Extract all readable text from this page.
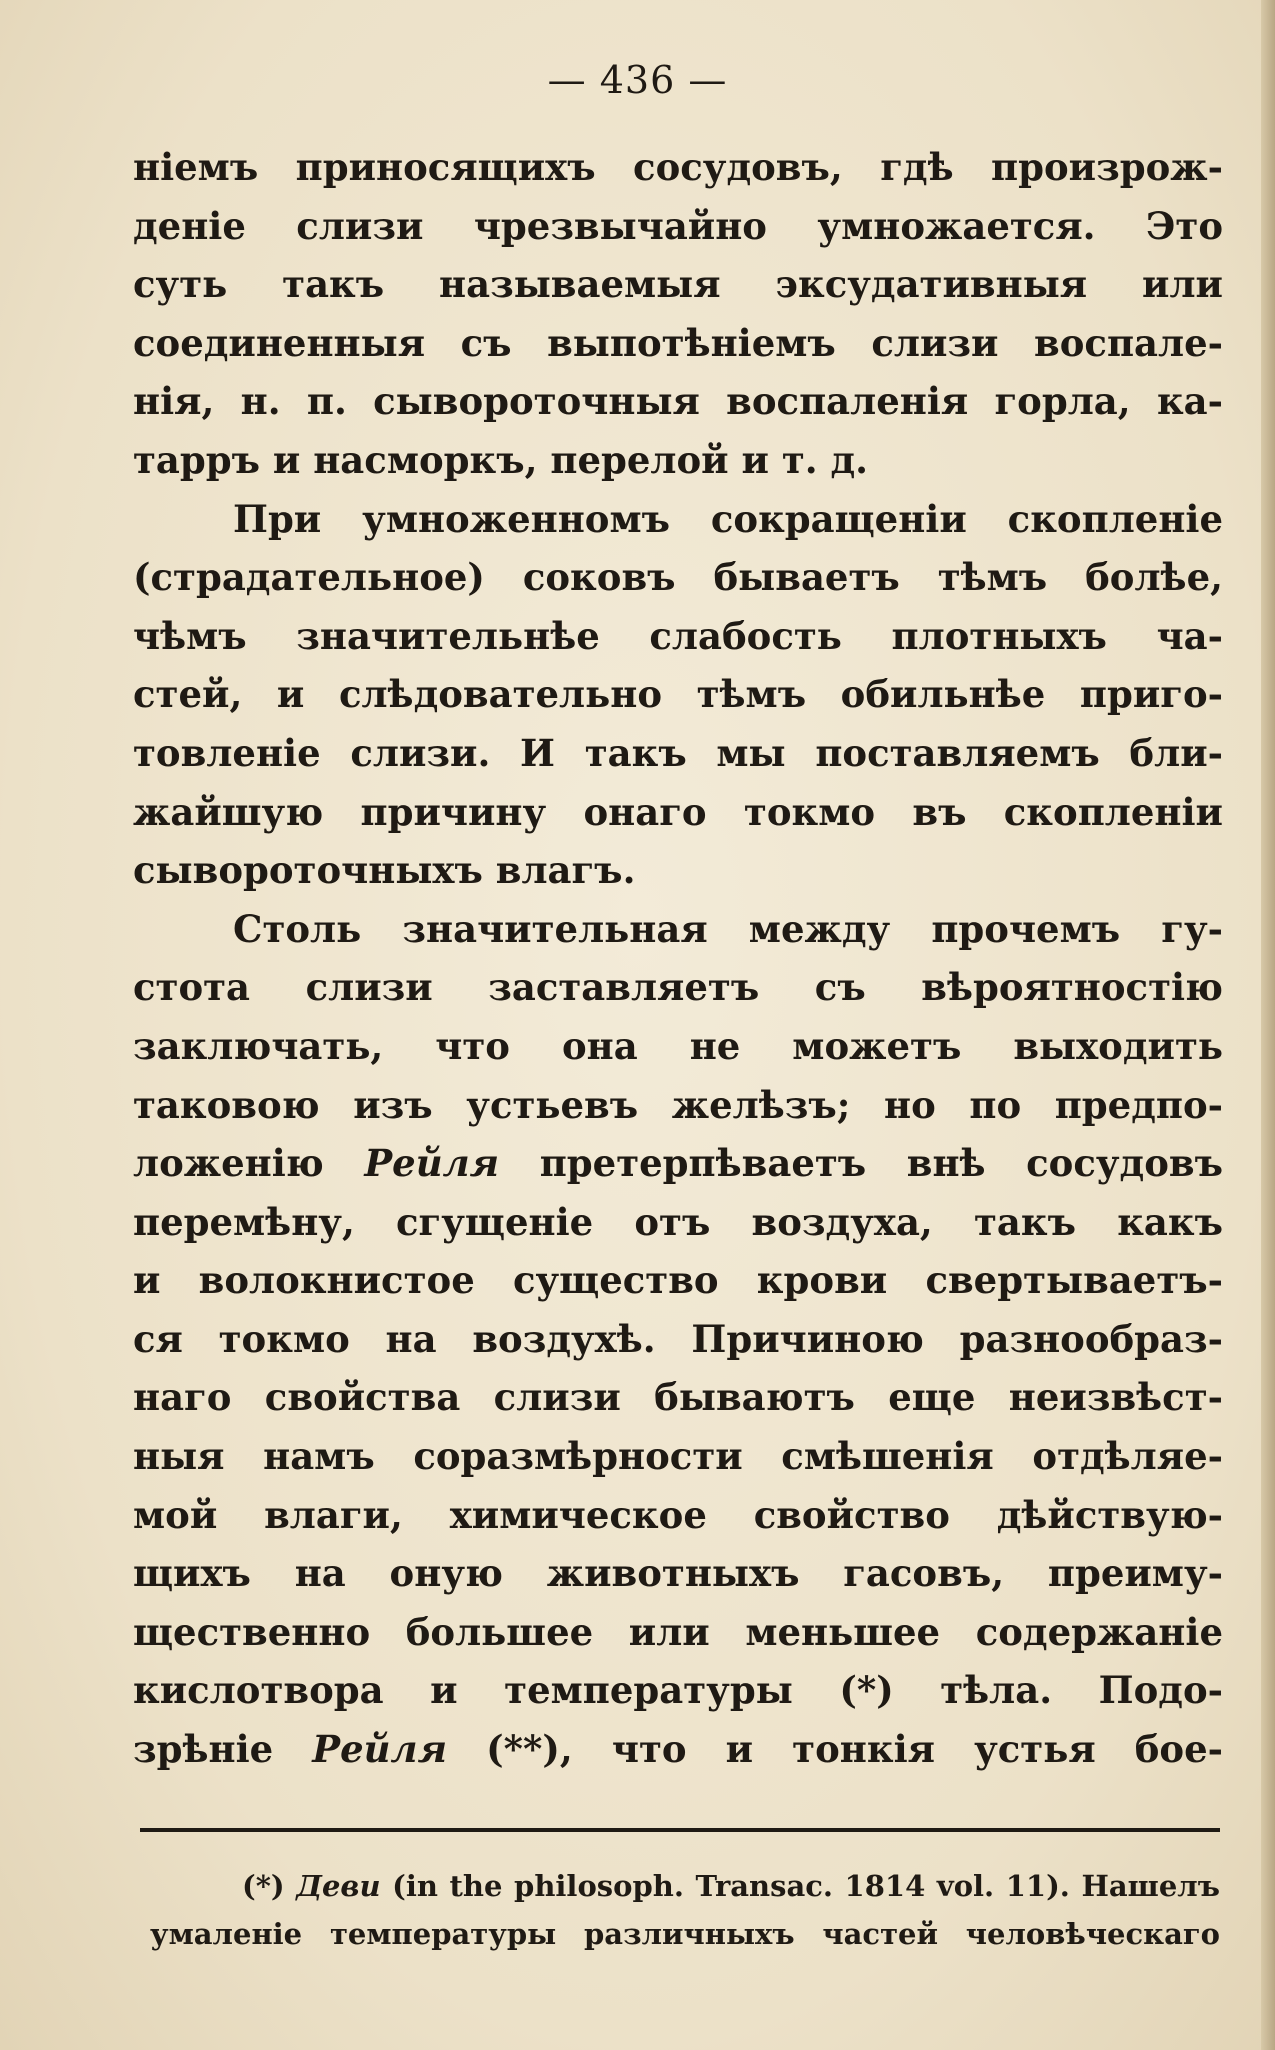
— 436 —
ніемъ приносящихъ сосудовъ, гдѣ произрож-
деніе слизи чрезвычайно умножается. Это
суть такъ называемыя эксудативныя или
соединенныя съ выпотѣніемъ слизи воспале-
нія, н. п. сывороточныя воспаленія горла, ка-
тарръ и насморкъ, перелой и т. д.
При умноженномъ сокращеніи скопленіе
(страдательное) соковъ бываетъ тѣмъ болѣе,
чѣмъ значительнѣе слабость плотныхъ ча-
стей, и слѣдовательно тѣмъ обильнѣе приго-
товленіе слизи. И такъ мы поставляемъ бли-
жайшую причину онаго токмо въ скопленіи
сывороточныхъ влагъ.
Столь значительная между прочемъ гу-
стота слизи заставляетъ съ вѣроятностію
заключать, что она не можетъ выходить
таковою изъ устьевъ желѣзъ; но по предпо-
ложенію Рейля претерпѣваетъ внѣ сосудовъ
перемѣну, сгущеніе отъ воздуха, такъ какъ
и волокнистое существо крови свертываетъ-
ся токмо на воздухѣ. Причиною разнообраз-
наго свойства слизи бываютъ еще неизвѣст-
ныя намъ соразмѣрности смѣшенія отдѣляе-
мой влаги, химическое свойство дѣйствую-
щихъ на оную животныхъ гасовъ, преиму-
щественно большее или меньшее содержаніе
кислотвора и температуры (*) тѣла. Подо-
зрѣніе Рейля (**), что и тонкія устья бое-
(*) Деви (in the philosoph. Transac. 1814 vol. 11). Нашелъ
умаленіе температуры различныхъ частей человѣческаго
